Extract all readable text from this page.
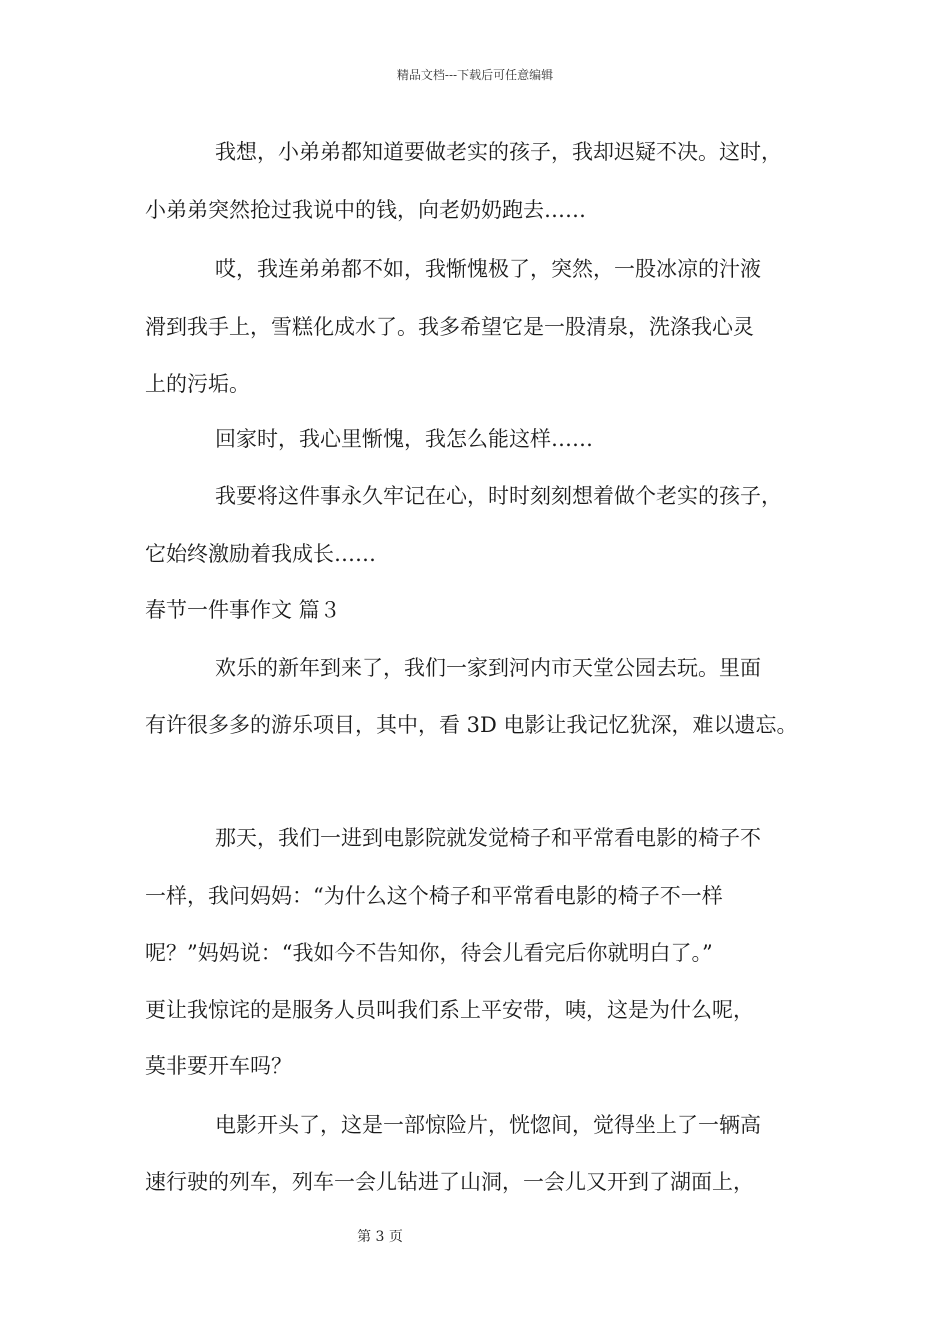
精品文档---下载后可任意编辑
我想，小弟弟都知道要做老实的孩子，我却迟疑不决。这时，
小弟弟突然抢过我说中的钱，向老奶奶跑去……
哎，我连弟弟都不如，我惭愧极了，突然，一股冰凉的汁液
滑到我手上，雪糕化成水了。我多希望它是一股清泉，洗涤我心灵
上的污垢。
回家时，我心里惭愧，我怎么能这样……
我要将这件事永久牢记在心，时时刻刻想着做个老实的孩子，
它始终激励着我成长……
春节一件事作文 篇３
欢乐的新年到来了，我们一家到河内市天堂公园去玩。里面
有许很多多的游乐项目，其中，看 3D 电影让我记忆犹深，难以遗忘。
那天，我们一进到电影院就发觉椅子和平常看电影的椅子不
一样，我问妈妈：“为什么这个椅子和平常看电影的椅子不一样
呢？”妈妈说：“我如今不告知你，待会儿看完后你就明白了。”
更让我惊诧的是服务人员叫我们系上平安带，咦，这是为什么呢，
莫非要开车吗？
电影开头了，这是一部惊险片，恍惚间，觉得坐上了一辆高
速行驶的列车，列车一会儿钻进了山洞，一会儿又开到了湖面上，
第 3 页
